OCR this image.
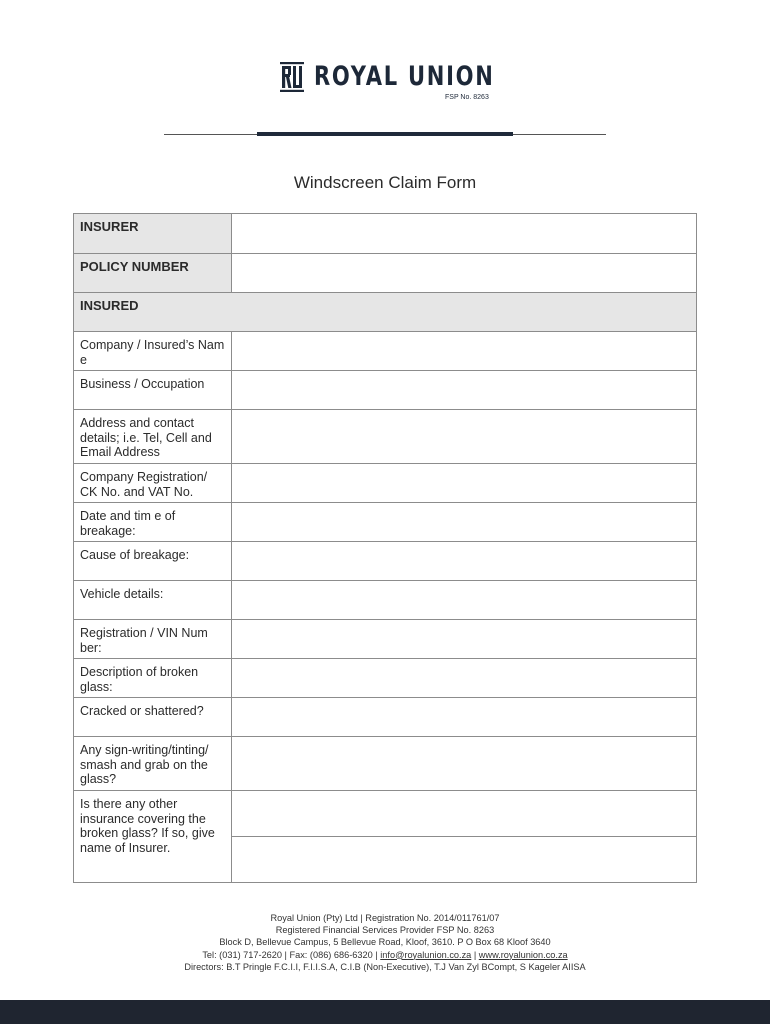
ROYAL UNION
FSP No. 8263
Windscreen Claim Form
INSURER	
POLICY NUMBER	
INSURED	
Company / Insured’s Nam e	
Business / Occupation	
Address and contact details; i.e. Tel, Cell and Email Address	
Company Registration/ CK No. and VAT No.	
Date and tim e of breakage:	
Cause of breakage:	
Vehicle details:	
Registration / VIN Num ber:	
Description of broken glass:	
Cracked or shattered?	
Any sign-writing/tinting/ smash and grab on the glass?	
Is there any other insurance covering the broken glass? If so, give name of Insurer.	

Royal Union (Pty) Ltd | Registration No. 2014/011761/07
Registered Financial Services Provider FSP No. 8263
Block D, Bellevue Campus, 5 Bellevue Road, Kloof, 3610. P O Box 68 Kloof 3640
Tel: (031) 717-2620 | Fax: (086) 686-6320 | info@royalunion.co.za | www.royalunion.co.za
Directors: B.T Pringle F.C.I.I, F.I.I.S.A, C.I.B (Non-Executive), T.J Van Zyl BCompt, S Kageler AIISA
